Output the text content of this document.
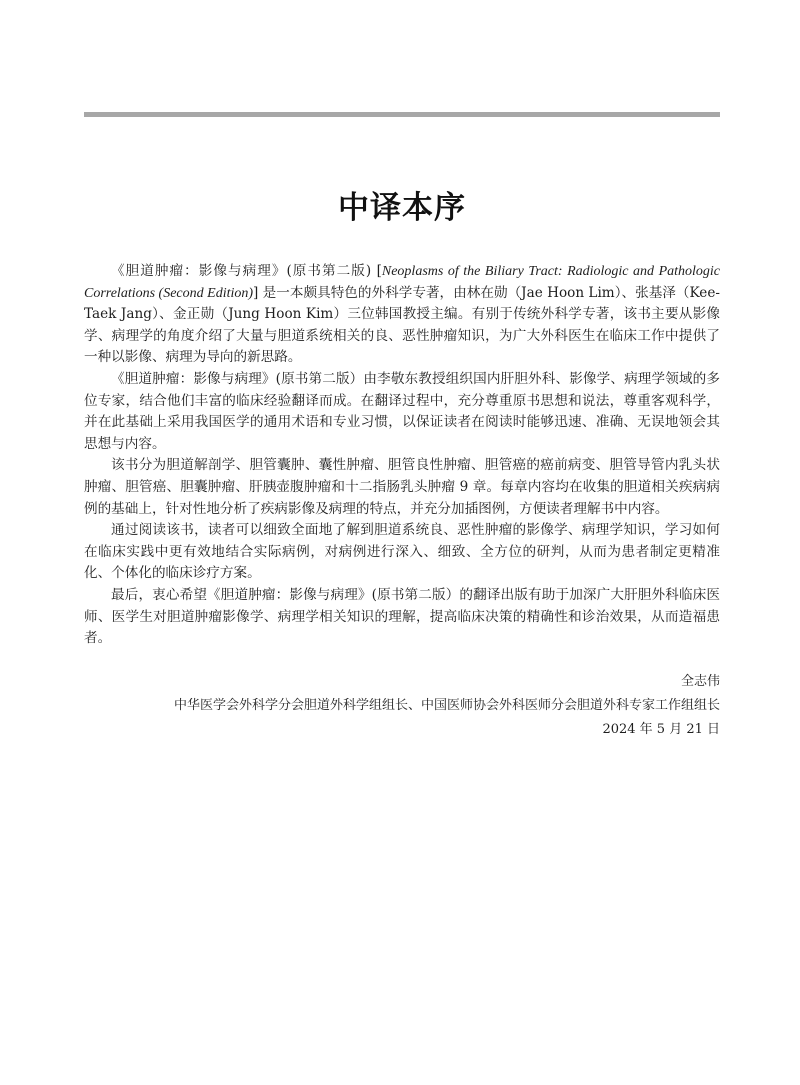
中译本序

《胆道肿瘤：影像与病理》(原书第二版) [Neoplasms of the Biliary Tract: Radiologic and Pathologic Correlations (Second Edition)] 是一本颇具特色的外科学专著，由林在勋（Jae Hoon Lim）、张基泽（Kee-Taek Jang）、金正勋（Jung Hoon Kim）三位韩国教授主编。有别于传统外科学专著，该书主要从影像学、病理学的角度介绍了大量与胆道系统相关的良、恶性肿瘤知识，为广大外科医生在临床工作中提供了一种以影像、病理为导向的新思路。

《胆道肿瘤：影像与病理》(原书第二版）由李敬东教授组织国内肝胆外科、影像学、病理学领域的多位专家，结合他们丰富的临床经验翻译而成。在翻译过程中，充分尊重原书思想和说法，尊重客观科学，并在此基础上采用我国医学的通用术语和专业习惯，以保证读者在阅读时能够迅速、准确、无误地领会其思想与内容。

该书分为胆道解剖学、胆管囊肿、囊性肿瘤、胆管良性肿瘤、胆管癌的癌前病变、胆管导管内乳头状肿瘤、胆管癌、胆囊肿瘤、肝胰壶腹肿瘤和十二指肠乳头肿瘤 9 章。每章内容均在收集的胆道相关疾病病例的基础上，针对性地分析了疾病影像及病理的特点，并充分加插图例，方便读者理解书中内容。

通过阅读该书，读者可以细致全面地了解到胆道系统良、恶性肿瘤的影像学、病理学知识，学习如何在临床实践中更有效地结合实际病例，对病例进行深入、细致、全方位的研判，从而为患者制定更精准化、个体化的临床诊疗方案。

最后，衷心希望《胆道肿瘤：影像与病理》(原书第二版）的翻译出版有助于加深广大肝胆外科临床医师、医学生对胆道肿瘤影像学、病理学相关知识的理解，提高临床决策的精确性和诊治效果，从而造福患者。

全志伟
中华医学会外科学分会胆道外科学组组长、中国医师协会外科医师分会胆道外科专家工作组组长
2024 年 5 月 21 日
